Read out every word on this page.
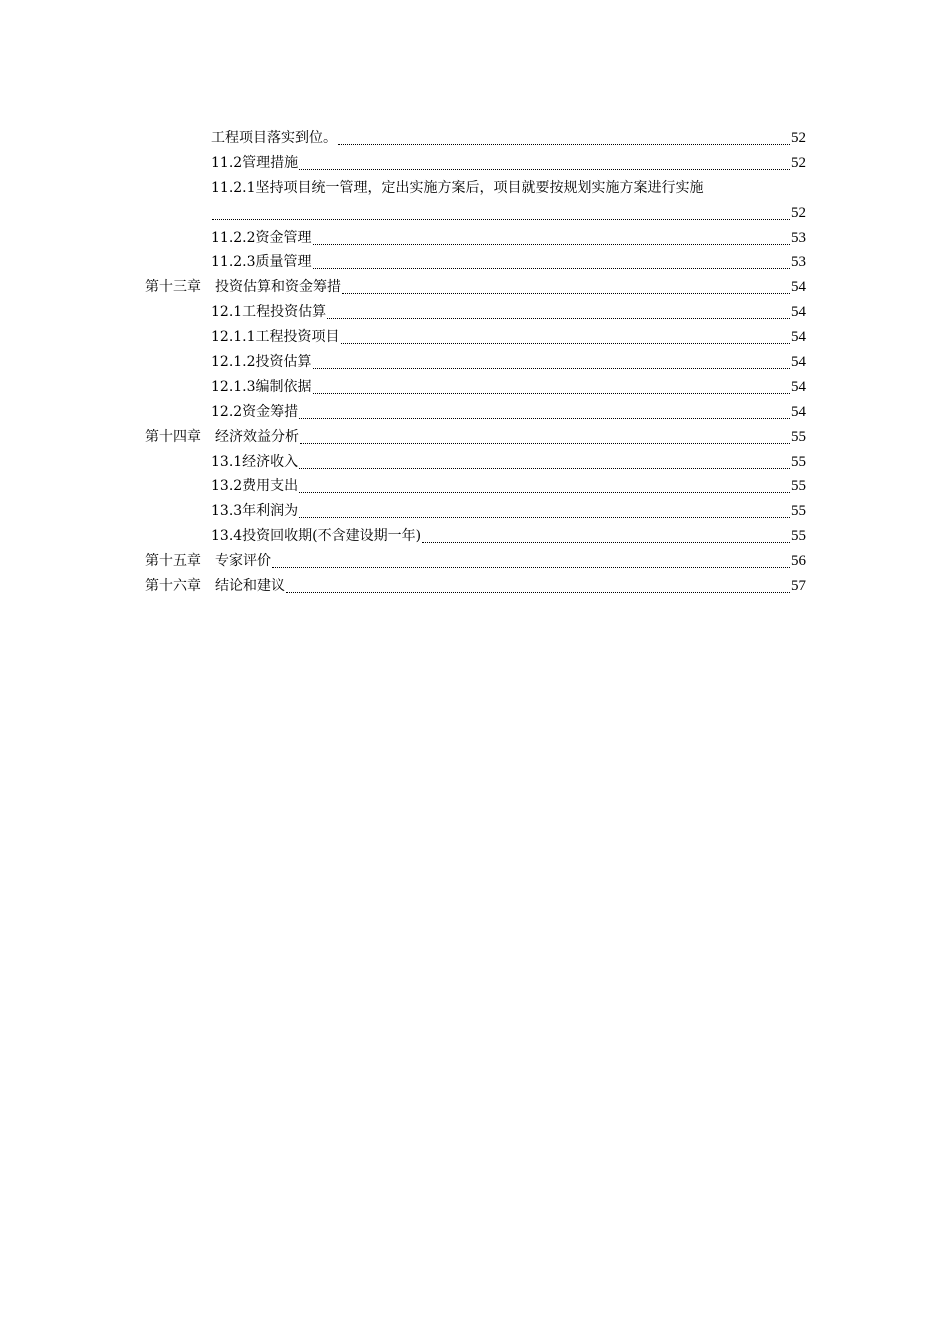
工程项目落实到位。	52
11.2管理措施	52
11.2.1坚持项目统一管理，定出实施方案后，项目就要按规划实施方案进行实施
52
11.2.2资金管理	53
11.2.3质量管理	53
第十三章　投资估算和资金筹措	54
12.1工程投资估算	54
12.1.1工程投资项目	54
12.1.2投资估算	54
12.1.3编制依据	54
12.2资金筹措	54
第十四章　经济效益分析	55
13.1经济收入	55
13.2费用支出	55
13.3年利润为	55
13.4投资回收期(不含建设期一年)	55
第十五章　专家评价	56
第十六章　结论和建议	57
